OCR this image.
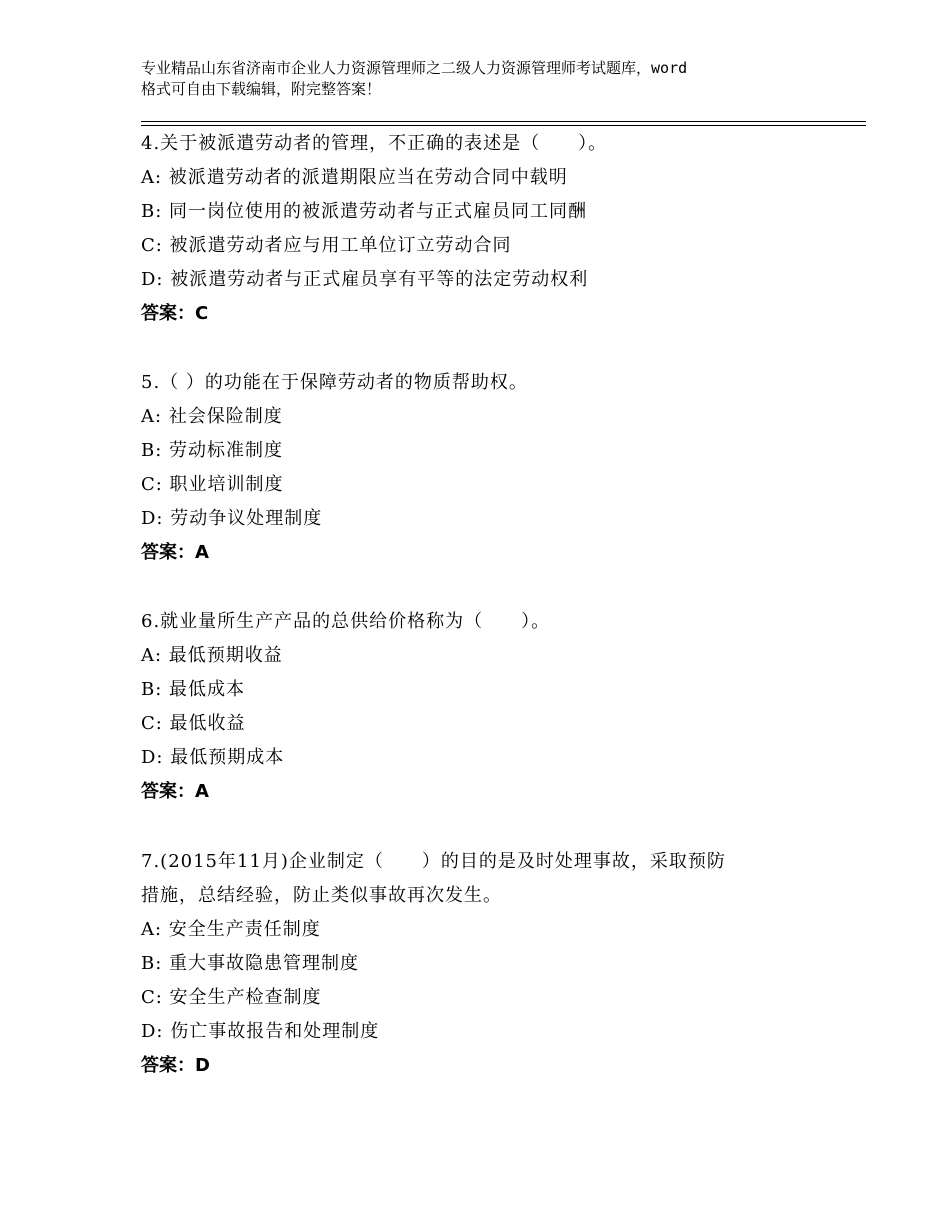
专业精品山东省济南市企业人力资源管理师之二级人力资源管理师考试题库，word
格式可自由下载编辑，附完整答案！

4.关于被派遣劳动者的管理，不正确的表述是（　　）。

A: 被派遣劳动者的派遣期限应当在劳动合同中载明

B: 同一岗位使用的被派遣劳动者与正式雇员同工同酬

C: 被派遣劳动者应与用工单位订立劳动合同

D: 被派遣劳动者与正式雇员享有平等的法定劳动权利

答案：C

5.（ ）的功能在于保障劳动者的物质帮助权。

A: 社会保险制度

B: 劳动标准制度

C: 职业培训制度

D: 劳动争议处理制度

答案：A

6.就业量所生产产品的总供给价格称为（　　）。

A: 最低预期收益

B: 最低成本

C: 最低收益

D: 最低预期成本

答案：A

7.(2015年11月)企业制定（　　）的目的是及时处理事故，采取预防

措施，总结经验，防止类似事故再次发生。

A: 安全生产责任制度

B: 重大事故隐患管理制度

C: 安全生产检查制度

D: 伤亡事故报告和处理制度

答案：D
